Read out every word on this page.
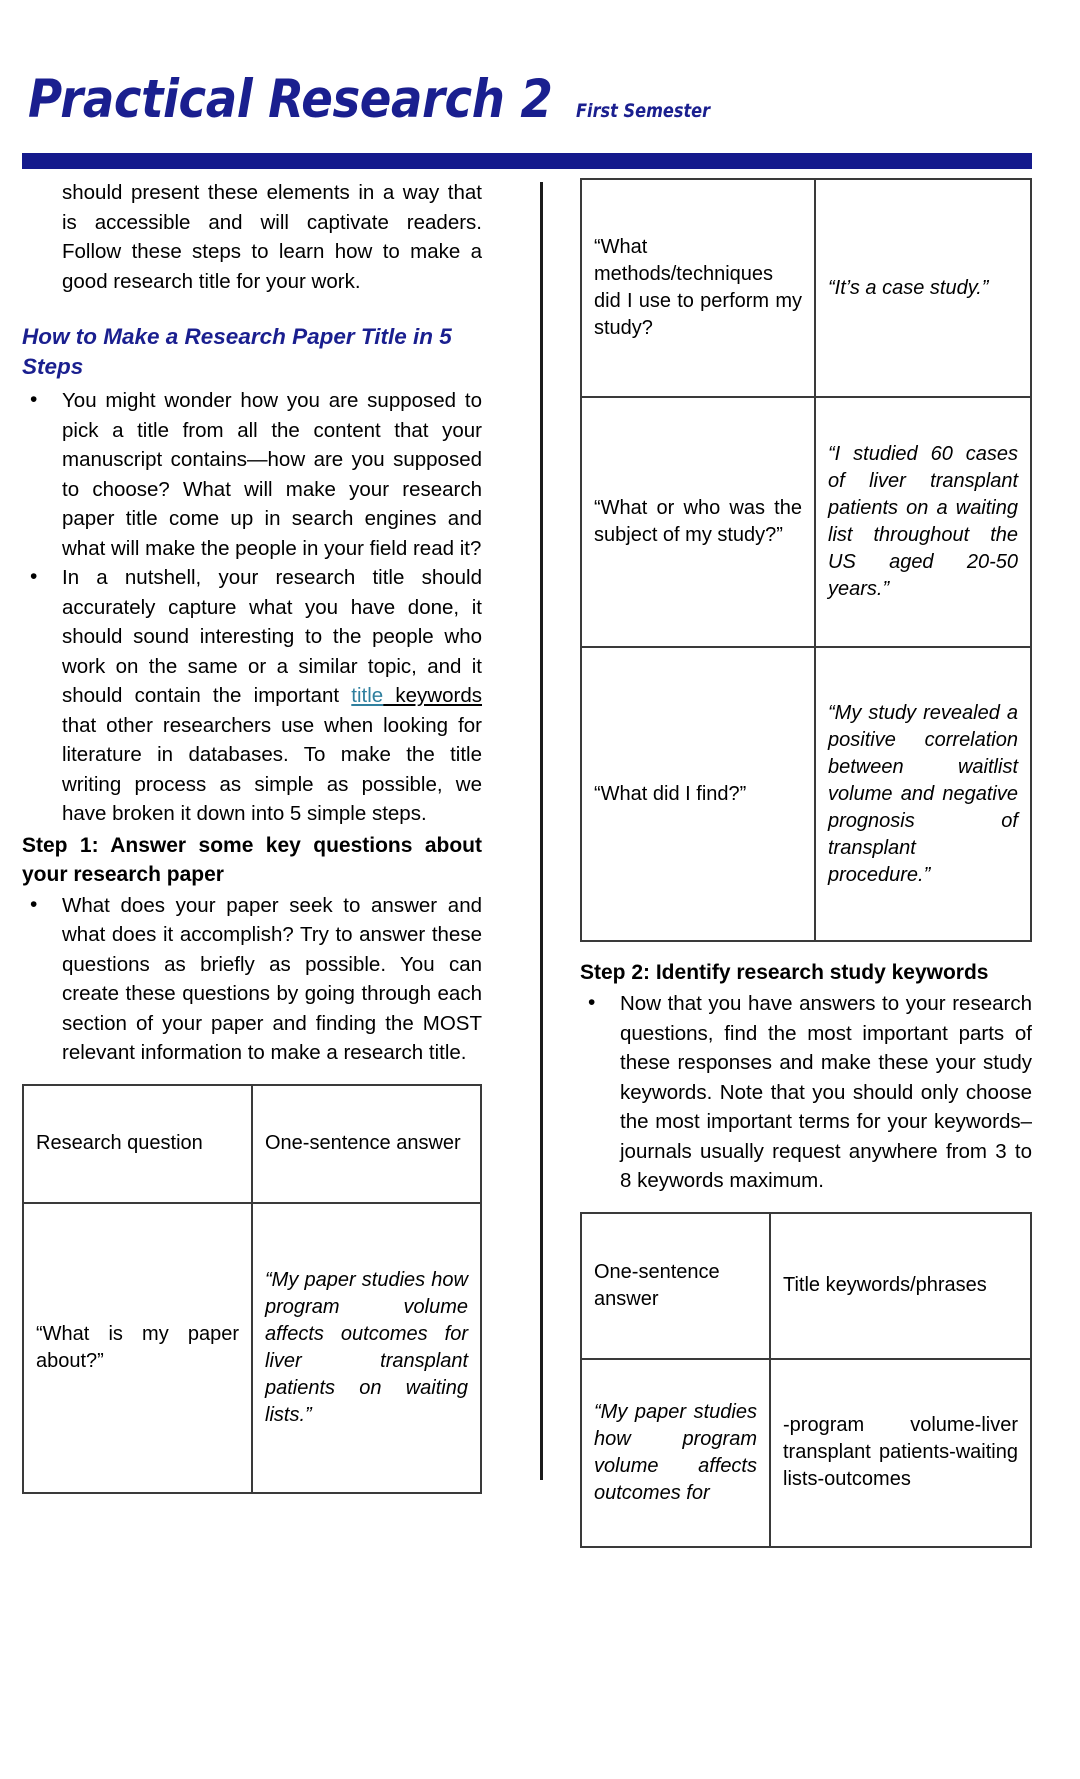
Practical Research 2 First Semester

should present these elements in a way that is accessible and will captivate readers. Follow these steps to learn how to make a good research title for your work.

How to Make a Research Paper Title in 5 Steps
• You might wonder how you are supposed to pick a title from all the content that your manuscript contains—how are you supposed to choose? What will make your research paper title come up in search engines and what will make the people in your field read it?
• In a nutshell, your research title should accurately capture what you have done, it should sound interesting to the people who work on the same or a similar topic, and it should contain the important title keywords that other researchers use when looking for literature in databases. To make the title writing process as simple as possible, we have broken it down into 5 simple steps.
Step 1: Answer some key questions about your research paper
• What does your paper seek to answer and what does it accomplish? Try to answer these questions as briefly as possible. You can create these questions by going through each section of your paper and finding the MOST relevant information to make a research title.
Research question	One-sentence answer
“What is my paper about?”	“My paper studies how program volume affects outcomes for liver transplant patients on waiting lists.”
“What methods/techniques did I use to perform my study?	“It’s a case study.”
“What or who was the subject of my study?”	“I studied 60 cases of liver transplant patients on a waiting list throughout the US aged 20-50 years.”
“What did I find?”	“My study revealed a positive correlation between waitlist volume and negative prognosis of transplant procedure.”
Step 2: Identify research study keywords
• Now that you have answers to your research questions, find the most important parts of these responses and make these your study keywords. Note that you should only choose the most important terms for your keywords–journals usually request anywhere from 3 to 8 keywords maximum.
One-sentence answer	Title keywords/phrases
“My paper studies how program volume affects outcomes for	-program volume-liver transplant patients-waiting lists-outcomes
